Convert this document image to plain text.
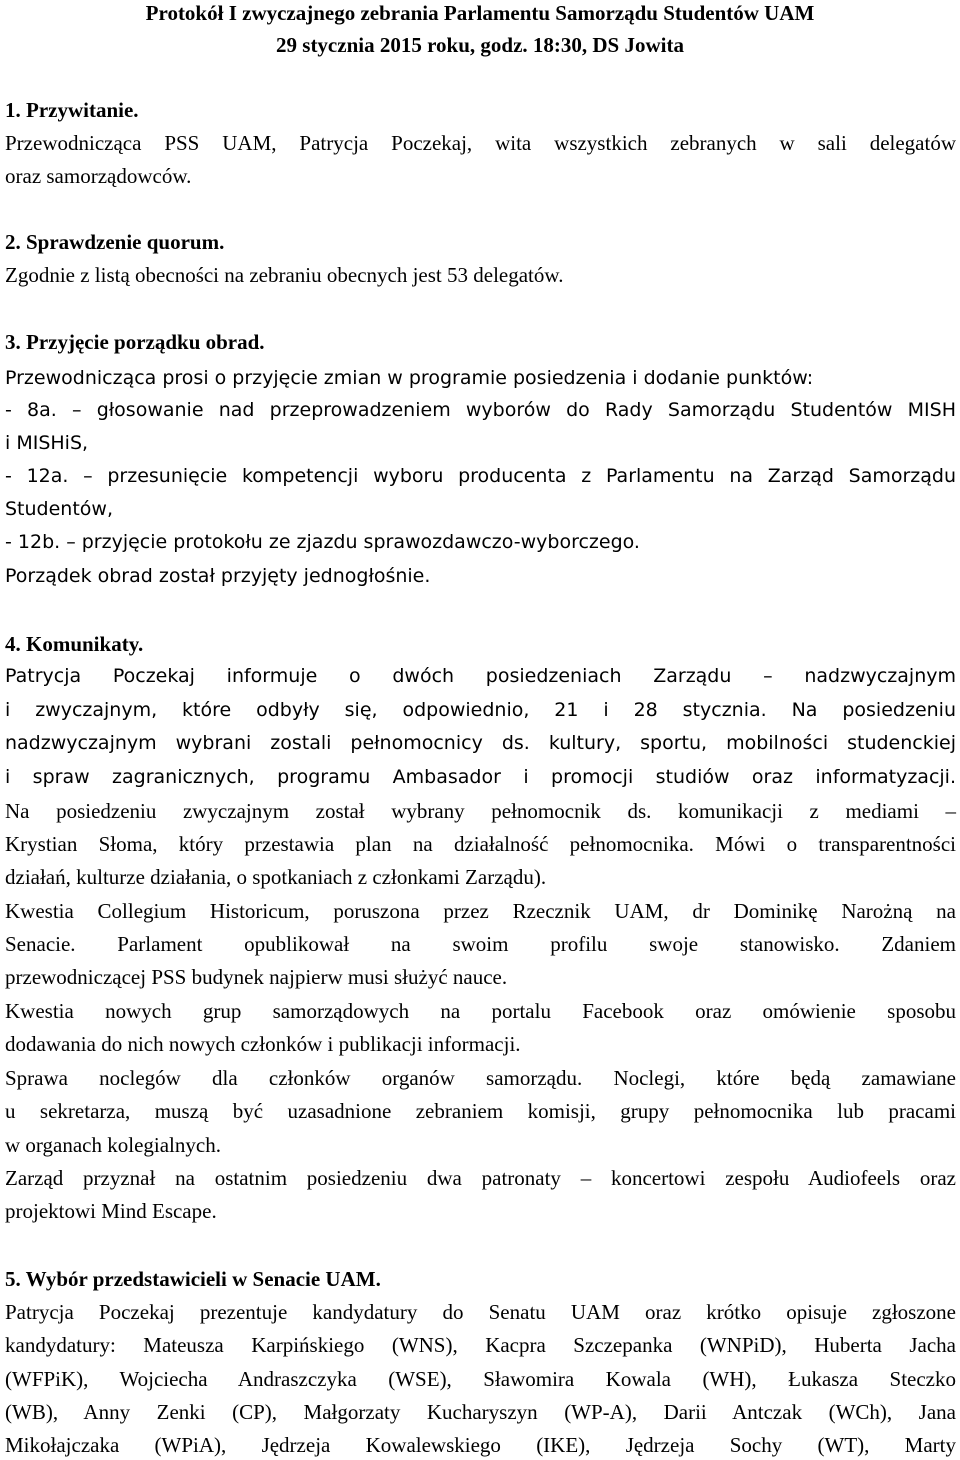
Protokół I zwyczajnego zebrania Parlamentu Samorządu Studentów UAM
29 stycznia 2015 roku, godz. 18:30, DS Jowita
1. Przywitanie.
Przewodnicząca PSS UAM, Patrycja Poczekaj, wita wszystkich zebranych w sali delegatów
oraz samorządowców.
2. Sprawdzenie quorum.
Zgodnie z listą obecności na zebraniu obecnych jest 53 delegatów.
3. Przyjęcie porządku obrad.
Przewodnicząca prosi o przyjęcie zmian w programie posiedzenia i dodanie punktów:
- 8a. – głosowanie nad przeprowadzeniem wyborów do Rady Samorządu Studentów MISH
i MISHiS,
- 12a. – przesunięcie kompetencji wyboru producenta z Parlamentu na Zarząd Samorządu
Studentów,
- 12b. – przyjęcie protokołu ze zjazdu sprawozdawczo-wyborczego.
Porządek obrad został przyjęty jednogłośnie.
4. Komunikaty.
Patrycja Poczekaj informuje o dwóch posiedzeniach Zarządu – nadzwyczajnym
i zwyczajnym, które odbyły się, odpowiednio, 21 i 28 stycznia. Na posiedzeniu
nadzwyczajnym wybrani zostali pełnomocnicy ds. kultury, sportu, mobilności studenckiej
i spraw zagranicznych, programu Ambasador i promocji studiów oraz informatyzacji.
Na posiedzeniu zwyczajnym został wybrany pełnomocnik ds. komunikacji z mediami –
Krystian Słoma, który przestawia plan na działalność pełnomocnika. Mówi o transparentności
działań, kulturze działania, o spotkaniach z członkami Zarządu).
Kwestia Collegium Historicum, poruszona przez Rzecznik UAM, dr Dominikę Narożną na
Senacie. Parlament opublikował na swoim profilu swoje stanowisko. Zdaniem
przewodniczącej PSS budynek najpierw musi służyć nauce.
Kwestia nowych grup samorządowych na portalu Facebook oraz omówienie sposobu
dodawania do nich nowych członków i publikacji informacji.
Sprawa noclegów dla członków organów samorządu. Noclegi, które będą zamawiane
u sekretarza, muszą być uzasadnione zebraniem komisji, grupy pełnomocnika lub pracami
w organach kolegialnych.
Zarząd przyznał na ostatnim posiedzeniu dwa patronaty – koncertowi zespołu Audiofeels oraz
projektowi Mind Escape.
5. Wybór przedstawicieli w Senacie UAM.
Patrycja Poczekaj prezentuje kandydatury do Senatu UAM oraz krótko opisuje zgłoszone
kandydatury: Mateusza Karpińskiego (WNS), Kacpra Szczepanka (WNPiD), Huberta Jacha
(WFPiK), Wojciecha Andraszczyka (WSE), Sławomira Kowala (WH), Łukasza Steczko
(WB), Anny Zenki (CP), Małgorzaty Kucharyszyn (WP-A), Darii Antczak (WCh), Jana
Mikołajczaka (WPiA), Jędrzeja Kowalewskiego (IKE), Jędrzeja Sochy (WT), Marty
